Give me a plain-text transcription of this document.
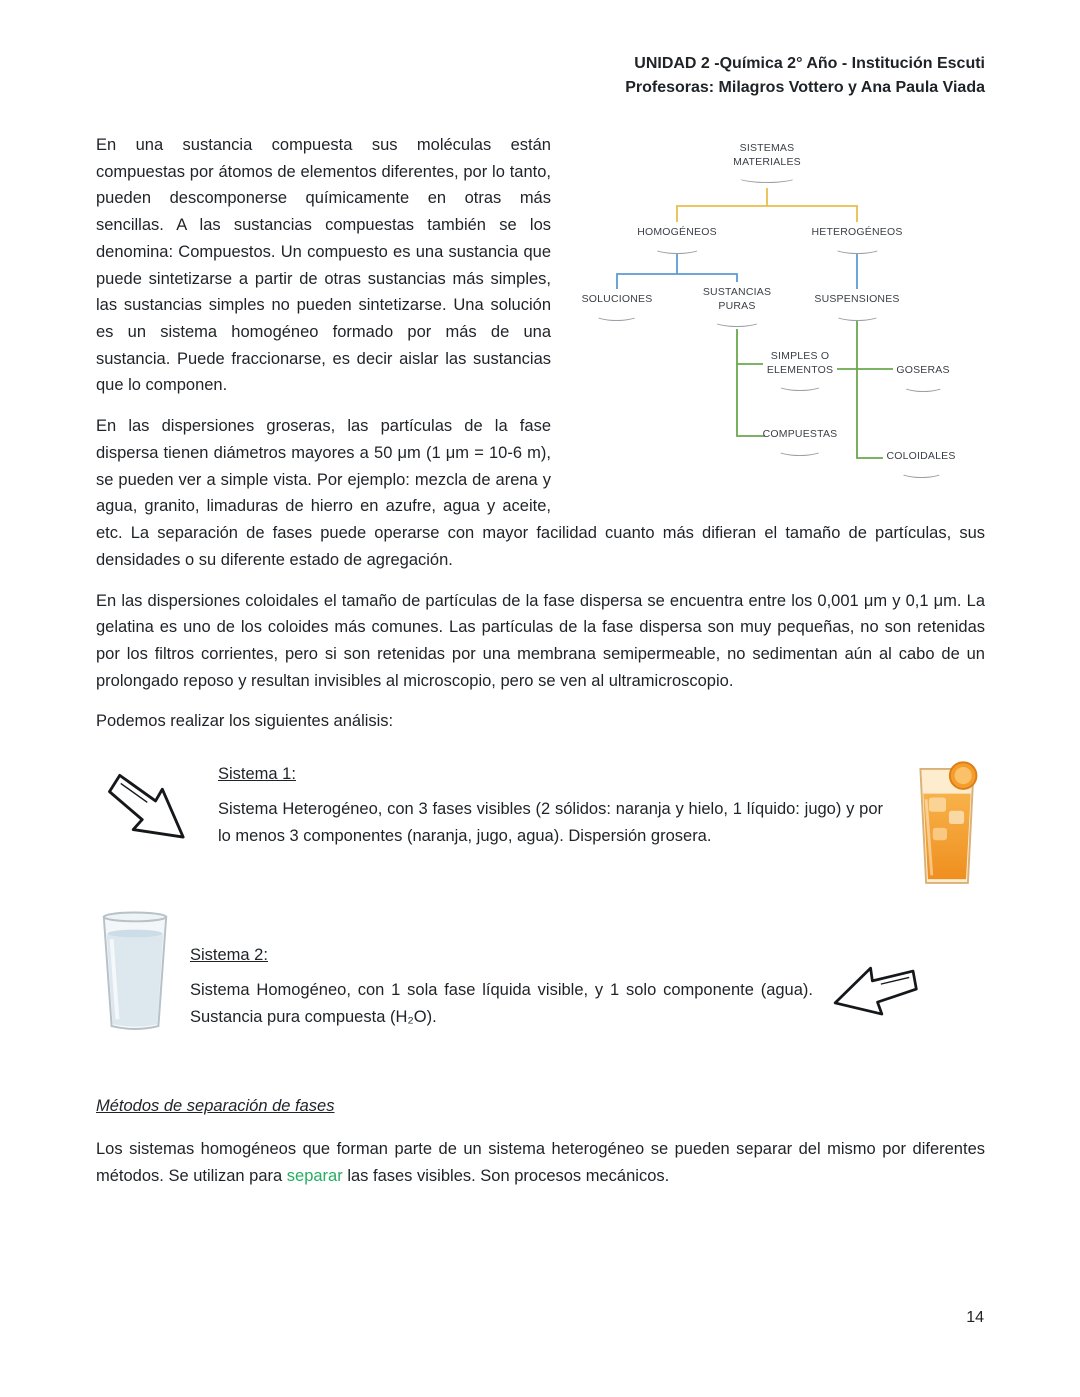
UNIDAD 2 -Química 2° Año - Institución Escuti
Profesoras: Milagros Vottero y Ana Paula Viada
SISTEMAS MATERIALES
HOMOGÉNEOS	HETEROGÉNEOS
SOLUCIONES
SUSTANCIAS PURAS
SUSPENSIONES
SIMPLES O ELEMENTOS	GOSERAS
COMPUESTAS
COLOIDALES

En una sustancia compuesta sus moléculas están compuestas por átomos de elementos diferentes, por lo tanto, pueden descomponerse químicamente en otras más sencillas. A las sustancias compuestas también se los denomina: Compuestos. Un compuesto es una sustancia que puede sintetizarse a partir de otras sustancias más simples, las sustancias simples no pueden sintetizarse. Una solución es un sistema homogéneo formado por más de una sustancia. Puede fraccionarse, es decir aislar las sustancias que lo componen.

En las dispersiones groseras, las partículas de la fase dispersa tienen diámetros mayores a 50 μm (1 μm = 10-6 m), se pueden ver a simple vista. Por ejemplo: mezcla de arena y agua, granito, limaduras de hierro en azufre, agua y aceite, etc. La separación de fases puede operarse con mayor facilidad cuanto más difieran el tamaño de partículas, sus densidades o su diferente estado de agregación.

En las dispersiones coloidales el tamaño de partículas de la fase dispersa se encuentra entre los 0,001 μm y 0,1 μm. La gelatina es uno de los coloides más comunes. Las partículas de la fase dispersa son muy pequeñas, no son retenidas por los filtros corrientes, pero si son retenidas por una membrana semipermeable, no sedimentan aún al cabo de un prolongado reposo y resultan invisibles al microscopio, pero se ven al ultramicroscopio.

Podemos realizar los siguientes análisis:

Sistema 1:

Sistema Heterogéneo, con 3 fases visibles (2 sólidos: naranja y hielo, 1 líquido: jugo) y por lo menos 3 componentes (naranja, jugo, agua). Dispersión grosera.

Sistema 2:

Sistema Homogéneo, con 1 sola fase líquida visible, y 1 solo componente (agua). Sustancia pura compuesta (H₂O).

Métodos de separación de fases

Los sistemas homogéneos que forman parte de un sistema heterogéneo se pueden separar del mismo por diferentes métodos. Se utilizan para separar las fases visibles. Son procesos mecánicos.

14
